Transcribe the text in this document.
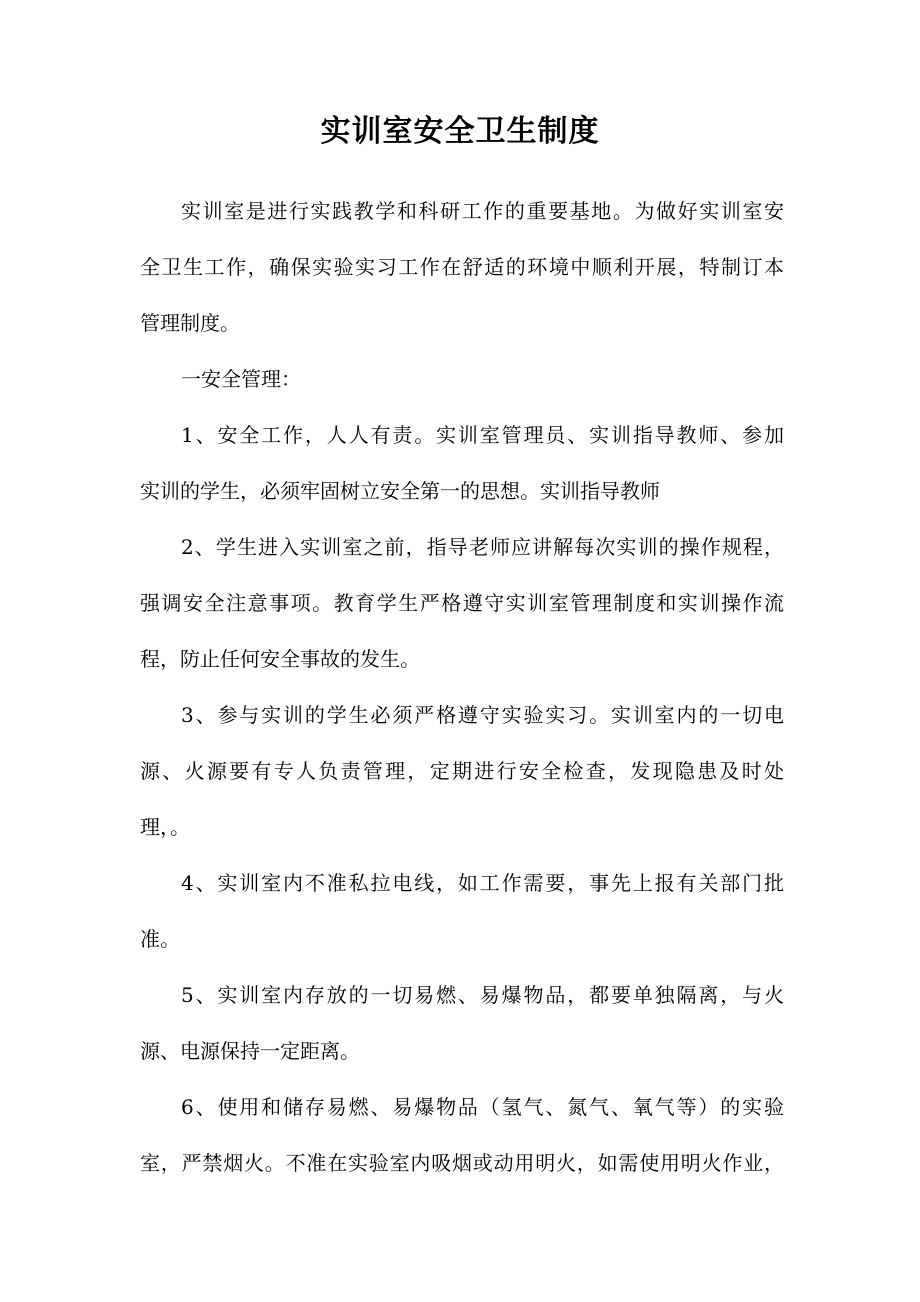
实训室安全卫生制度

实训室是进行实践教学和科研工作的重要基地。为做好实训室安

全卫生工作，确保实验实习工作在舒适的环境中顺利开展，特制订本

管理制度。

一安全管理：

1、安全工作，人人有责。实训室管理员、实训指导教师、参加

实训的学生，必须牢固树立安全第一的思想。实训指导教师

2、学生进入实训室之前，指导老师应讲解每次实训的操作规程，

强调安全注意事项。教育学生严格遵守实训室管理制度和实训操作流

程，防止任何安全事故的发生。

3、参与实训的学生必须严格遵守实验实习。实训室内的一切电

源、火源要有专人负责管理，定期进行安全检查，发现隐患及时处

理，。

4、实训室内不准私拉电线，如工作需要，事先上报有关部门批

准。

5、实训室内存放的一切易燃、易爆物品，都要单独隔离，与火

源、电源保持一定距离。

6、使用和储存易燃、易爆物品（氢气、氮气、氧气等）的实验

室，严禁烟火。不准在实验室内吸烟或动用明火，如需使用明火作业，
